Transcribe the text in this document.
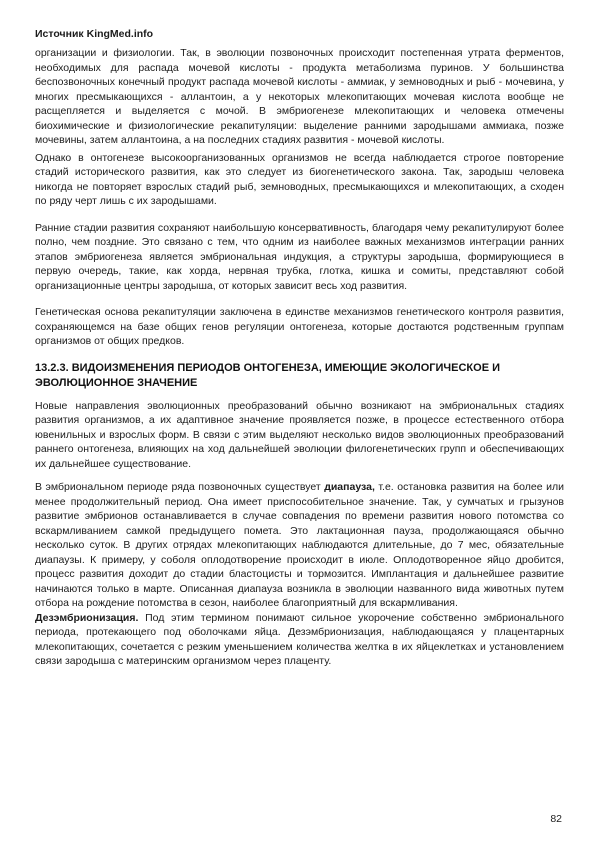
Источник KingMed.info

организации и физиологии. Так, в эволюции позвоночных происходит постепенная утрата ферментов, необходимых для распада мочевой кислоты - продукта метаболизма пуринов. У большинства беспозвоночных конечный продукт распада мочевой кислоты - аммиак, у земноводных и рыб - мочевина, у многих пресмыкающихся - аллантоин, а у некоторых млекопитающих мочевая кислота вообще не расщепляется и выделяется с мочой. В эмбриогенезе млекопитающих и человека отмечены биохимические и физиологические рекапитуляции: выделение ранними зародышами аммиака, позже мочевины, затем аллантоина, а на последних стадиях развития - мочевой кислоты.

Однако в онтогенезе высокоорганизованных организмов не всегда наблюдается строгое повторение стадий исторического развития, как это следует из биогенетического закона. Так, зародыш человека никогда не повторяет взрослых стадий рыб, земноводных, пресмыкающихся и млекопитающих, а сходен по ряду черт лишь с их зародышами.

Ранние стадии развития сохраняют наибольшую консервативность, благодаря чему рекапитулируют более полно, чем поздние. Это связано с тем, что одним из наиболее важных механизмов интеграции ранних этапов эмбриогенеза является эмбриональная индукция, а структуры зародыша, формирующиеся в первую очередь, такие, как хорда, нервная трубка, глотка, кишка и сомиты, представляют собой организационные центры зародыша, от которых зависит весь ход развития.

Генетическая основа рекапитуляции заключена в единстве механизмов генетического контроля развития, сохраняющемся на базе общих генов регуляции онтогенеза, которые достаются родственным группам организмов от общих предков.

13.2.3. ВИДОИЗМЕНЕНИЯ ПЕРИОДОВ ОНТОГЕНЕЗА, ИМЕЮЩИЕ ЭКОЛОГИЧЕСКОЕ И ЭВОЛЮЦИОННОЕ ЗНАЧЕНИЕ

Новые направления эволюционных преобразований обычно возникают на эмбриональных стадиях развития организмов, а их адаптивное значение проявляется позже, в процессе естественного отбора ювенильных и взрослых форм. В связи с этим выделяют несколько видов эволюционных преобразований раннего онтогенеза, влияющих на ход дальнейшей эволюции филогенетических групп и обеспечивающих их дальнейшее существование.

В эмбриональном периоде ряда позвоночных существует диапауза, т.е. остановка развития на более или менее продолжительный период. Она имеет приспособительное значение. Так, у сумчатых и грызунов развитие эмбрионов останавливается в случае совпадения по времени развития нового потомства со вскармливанием самкой предыдущего помета. Это лактационная пауза, продолжающаяся обычно несколько суток. В других отрядах млекопитающих наблюдаются длительные, до 7 мес, обязательные диапаузы. К примеру, у соболя оплодотворение происходит в июле. Оплодотворенное яйцо дробится, процесс развития доходит до стадии бластоцисты и тормозится. Имплантация и дальнейшее развитие начинаются только в марте. Описанная диапауза возникла в эволюции названного вида животных путем отбора на рождение потомства в сезон, наиболее благоприятный для вскармливания.

Дезэмбрионизация. Под этим термином понимают сильное укорочение собственно эмбрионального периода, протекающего под оболочками яйца. Дезэмбрионизация, наблюдающаяся у плацентарных млекопитающих, сочетается с резким уменьшением количества желтка в их яйцеклетках и установлением связи зародыша с материнским организмом через плаценту.

82
